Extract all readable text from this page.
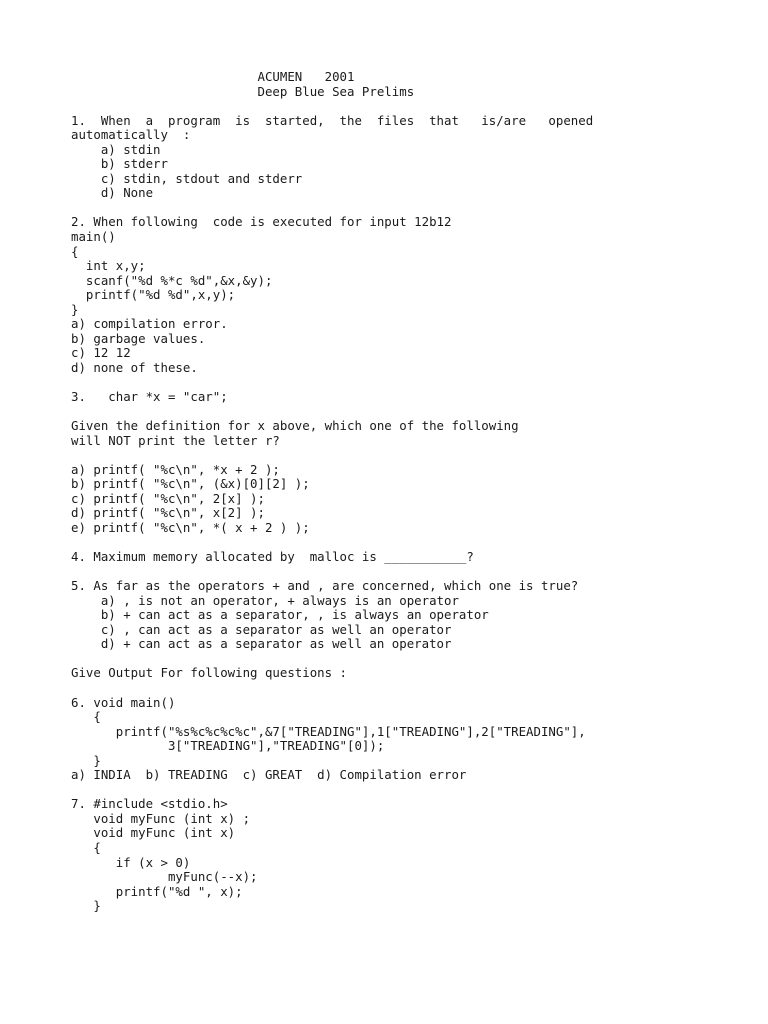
ACUMEN   2001
Deep Blue Sea Prelims
1.  When  a  program  is  started,  the  files  that   is/are   opened
automatically  :
a) stdin
b) stderr
c) stdin, stdout and stderr
d) None
2. When following  code is executed for input 12b12
main()
{
int x,y;
scanf("%d %*c %d",&x,&y);
printf("%d %d",x,y);
}
a) compilation error.
b) garbage values.
c) 12 12
d) none of these.
3.   char *x = "car";
Given the definition for x above, which one of the following
will NOT print the letter r?
a) printf( "%c\n", *x + 2 );
b) printf( "%c\n", (&x)[0][2] );
c) printf( "%c\n", 2[x] );
d) printf( "%c\n", x[2] );
e) printf( "%c\n", *( x + 2 ) );
4. Maximum memory allocated by  malloc is ___________?
5. As far as the operators + and , are concerned, which one is true?
a) , is not an operator, + always is an operator
b) + can act as a separator, , is always an operator
c) , can act as a separator as well an operator
d) + can act as a separator as well an operator
Give Output For following questions :
6. void main()
{
printf("%s%c%c%c%c",&7["TREADING"],1["TREADING"],2["TREADING"],
3["TREADING"],"TREADING"[0]);
}
a) INDIA  b) TREADING  c) GREAT  d) Compilation error
7. #include <stdio.h>
void myFunc (int x) ;
void myFunc (int x)
{
if (x > 0)
myFunc(--x);
printf("%d ", x);
}
